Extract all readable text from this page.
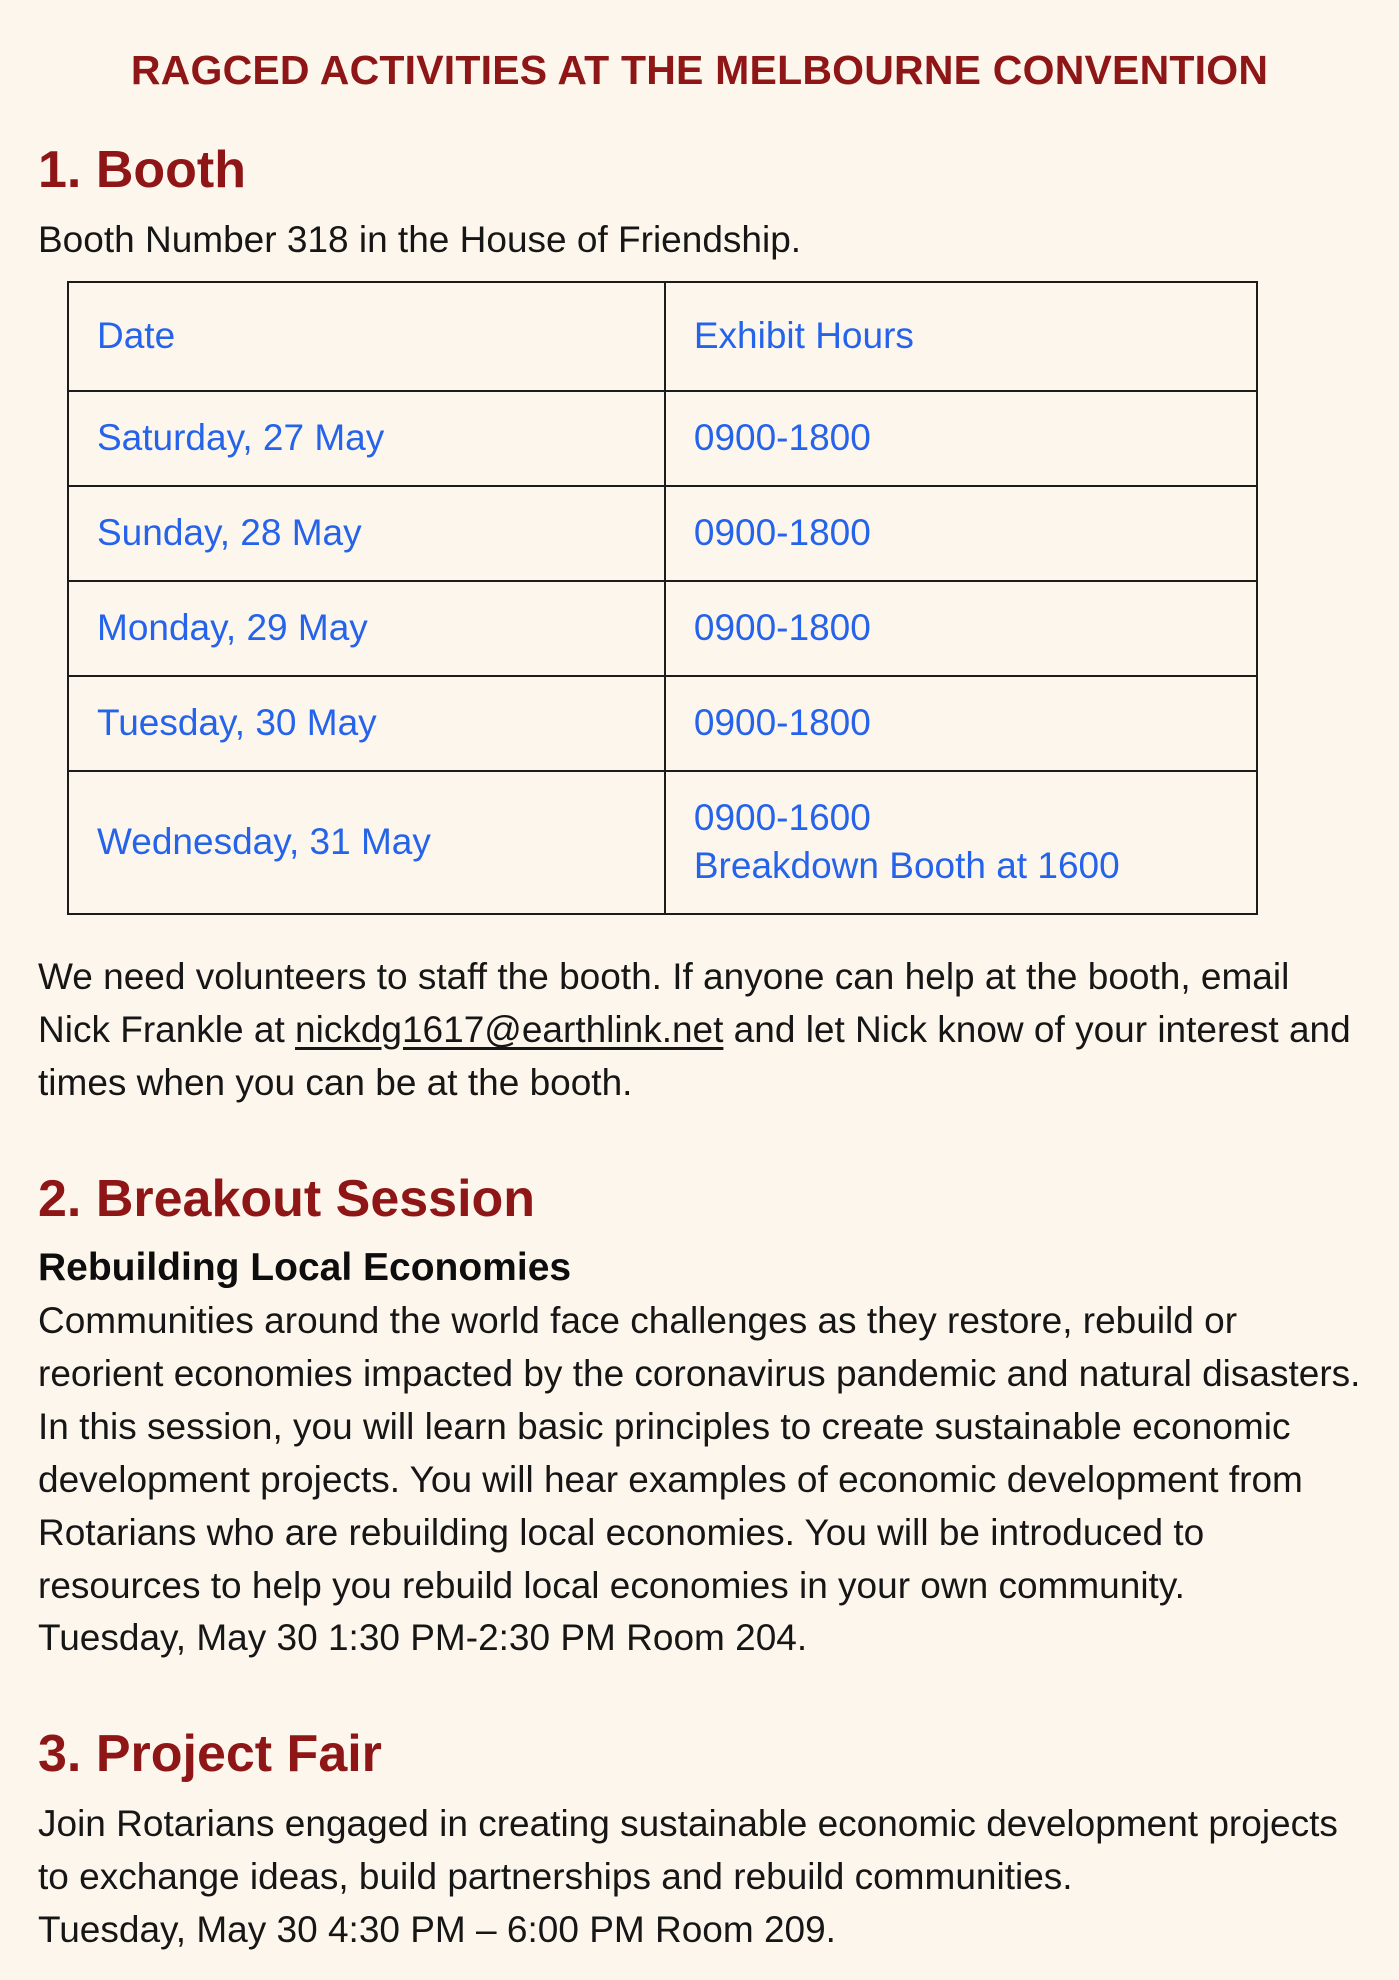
RAGCED ACTIVITIES AT THE MELBOURNE CONVENTION
1. Booth

Booth Number 318 in the House of Friendship.

Date	Exhibit Hours
Saturday, 27 May	0900-1800

Sunday, 28 May	0900-1800

Monday, 29 May	0900-1800

Tuesday, 30 May	0900-1800

Wednesday, 31 May	0900-1600
Breakdown Booth at 1600

We need volunteers to staff the booth. If anyone can help at the booth, email Nick Frankle at nickdg1617@earthlink.net and let Nick know of your interest and times when you can be at the booth.

2. Breakout Session
Rebuilding Local Economies
Communities around the world face challenges as they restore, rebuild or reorient economies impacted by the coronavirus pandemic and natural disasters.  In this session, you will learn basic principles to create sustainable economic development projects. You will hear examples of economic development from Rotarians who are rebuilding local economies. You will be introduced to resources to help you rebuild local economies in your own community.
Tuesday, May 30 1:30 PM-2:30 PM Room 204.
3. Project Fair
Join Rotarians engaged in creating sustainable economic development projects to exchange ideas, build partnerships and rebuild communities.
Tuesday, May 30 4:30 PM – 6:00 PM Room 209.
